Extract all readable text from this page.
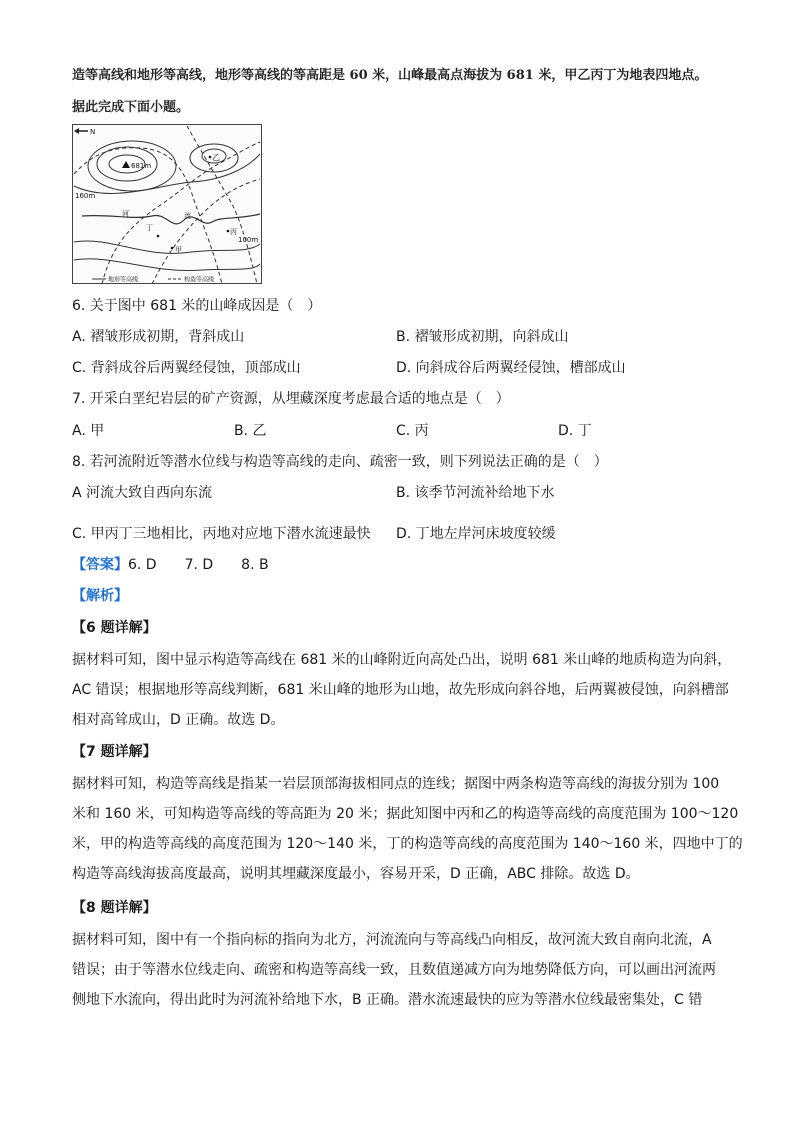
造等高线和地形等高线，地形等高线的等高距是 60 米，山峰最高点海拔为 681 米，甲乙丙丁为地表四地点。
据此完成下面小题。
N
681m
乙
160m
河
丁
流
丙
100m
甲
地形等高线	构造等高线
6. 关于图中 681 米的山峰成因是（　）
A. 褶皱形成初期，背斜成山	B. 褶皱形成初期，向斜成山
C. 背斜成谷后两翼经侵蚀，顶部成山	D. 向斜成谷后两翼经侵蚀，槽部成山
7. 开采白垩纪岩层的矿产资源，从埋藏深度考虑最合适的地点是（　）
A. 甲	B. 乙	C. 丙	D. 丁
8. 若河流附近等潜水位线与构造等高线的走向、疏密一致，则下列说法正确的是（　）
A 河流大致自西向东流	B. 该季节河流补给地下水
C. 甲丙丁三地相比，丙地对应地下潜水流速最快 D. 丁地左岸河床坡度较缓
【答案】6. D　　7. D　　8. B
【解析】
【6 题详解】
据材料可知，图中显示构造等高线在 681 米的山峰附近向高处凸出，说明 681 米山峰的地质构造为向斜，
AC 错误；根据地形等高线判断，681 米山峰的地形为山地，故先形成向斜谷地，后两翼被侵蚀，向斜槽部
相对高耸成山，D 正确。故选 D。
【7 题详解】
据材料可知，构造等高线是指某一岩层顶部海拔相同点的连线；据图中两条构造等高线的海拔分别为 100
米和 160 米，可知构造等高线的等高距为 20 米；据此知图中丙和乙的构造等高线的高度范围为 100～120
米，甲的构造等高线的高度范围为 120～140 米，丁的构造等高线的高度范围为 140～160 米，四地中丁的
构造等高线海拔高度最高，说明其埋藏深度最小，容易开采，D 正确，ABC 排除。故选 D。
【8 题详解】
据材料可知，图中有一个指向标的指向为北方，河流流向与等高线凸向相反，故河流大致自南向北流，A
错误；由于等潜水位线走向、疏密和构造等高线一致，且数值递减方向为地势降低方向，可以画出河流两
侧地下水流向，得出此时为河流补给地下水，B 正确。潜水流速最快的应为等潜水位线最密集处，C 错
